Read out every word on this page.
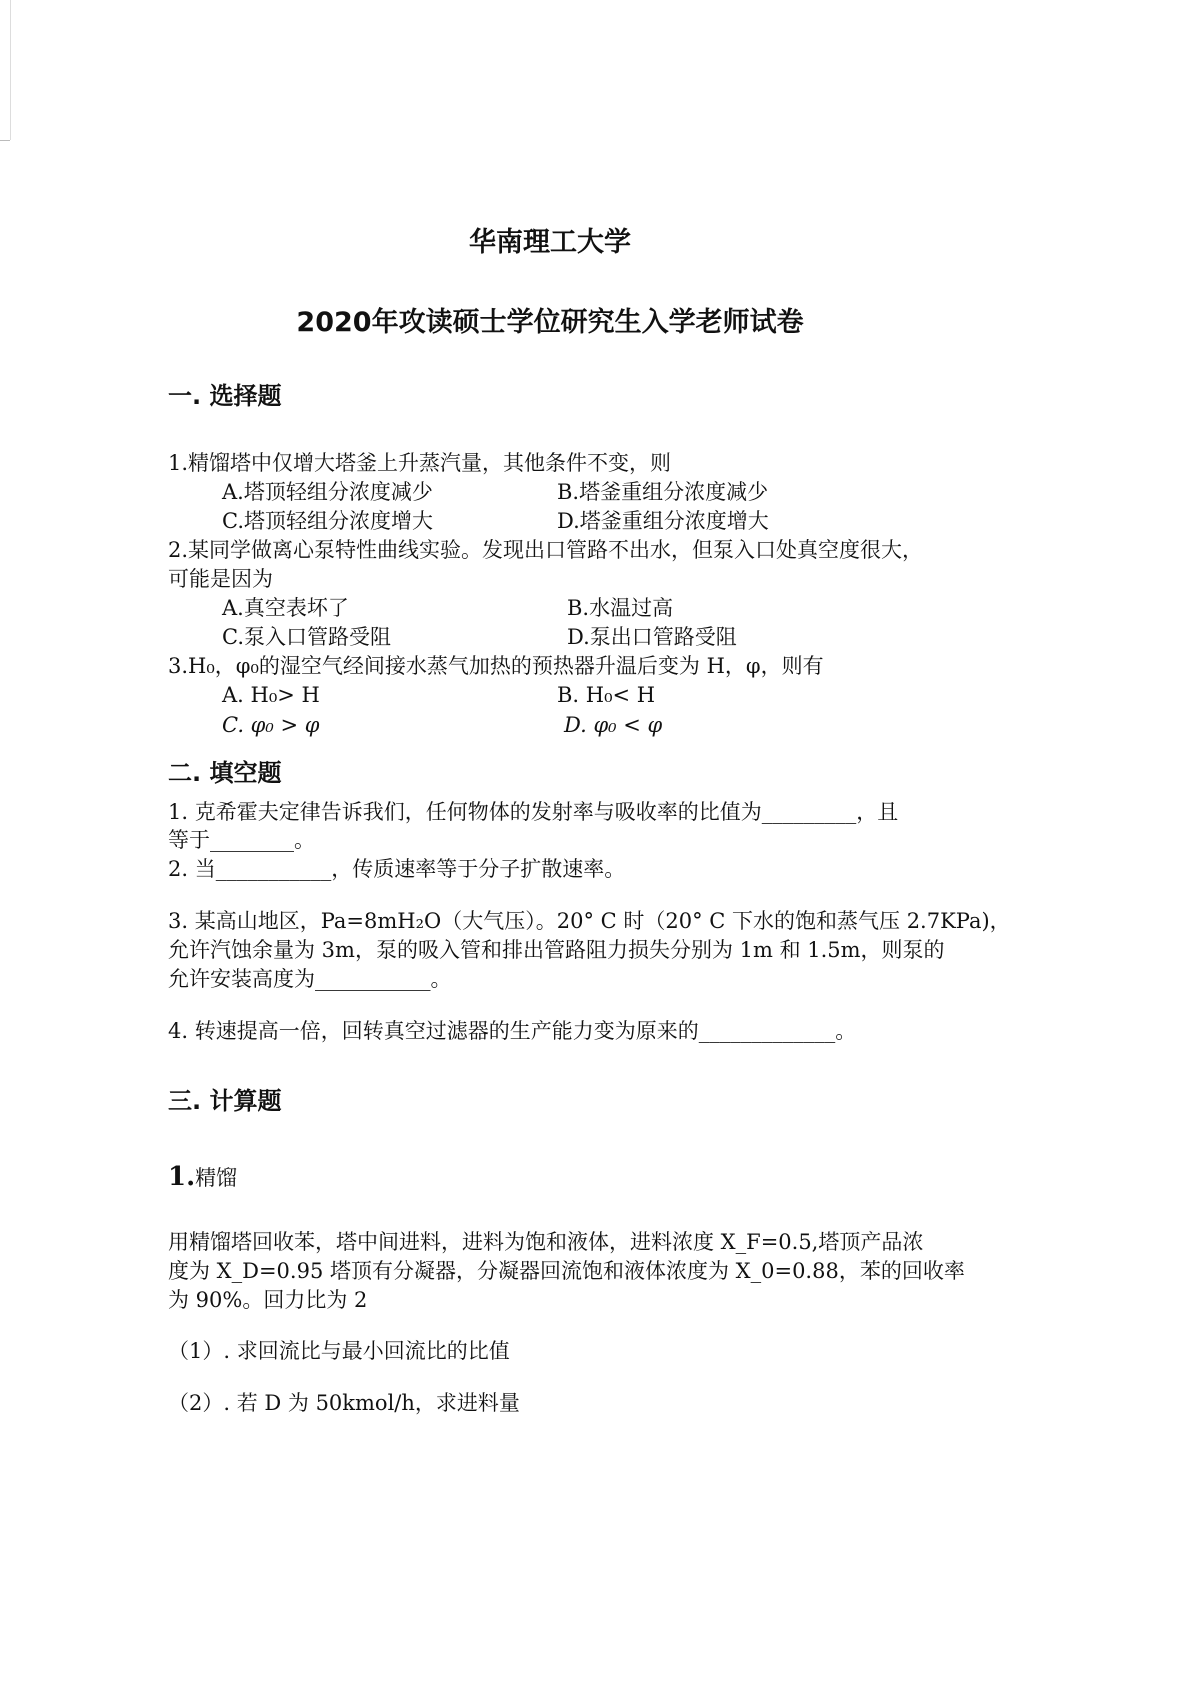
华南理工大学
2020年攻读硕士学位研究生入学老师试卷
一. 选择题
1.精馏塔中仅增大塔釜上升蒸汽量，其他条件不变，则
A.塔顶轻组分浓度减少	B.塔釜重组分浓度减少
C.塔顶轻组分浓度增大	D.塔釜重组分浓度增大
2.某同学做离心泵特性曲线实验。发现出口管路不出水，但泵入口处真空度很大，
可能是因为
A.真空表坏了	B.水温过高
C.泵入口管路受阻	D.泵出口管路受阻
3.H₀，φ₀的湿空气经间接水蒸气加热的预热器升温后变为 H，φ，则有
A. H₀> H	B. H₀< H
C. φ₀ > φ	D. φ₀ < φ
二. 填空题
1. 克希霍夫定律告诉我们，任何物体的发射率与吸收率的比值为_________，且
等于________。
2. 当___________，传质速率等于分子扩散速率。
3. 某高山地区，Pa=8mH₂O（大气压）。20° C 时（20° C 下水的饱和蒸气压 2.7KPa)，
允许汽蚀余量为 3m，泵的吸入管和排出管路阻力损失分别为 1m 和 1.5m，则泵的
允许安装高度为___________。
4. 转速提高一倍，回转真空过滤器的生产能力变为原来的_____________。
三. 计算题
1.精馏
用精馏塔回收苯，塔中间进料，进料为饱和液体，进料浓度 X_F=0.5,塔顶产品浓
度为 X_D=0.95 塔顶有分凝器，分凝器回流饱和液体浓度为 X_0=0.88，苯的回收率
为 90%。回力比为 2
（1）. 求回流比与最小回流比的比值
（2）. 若 D 为 50kmol/h，求进料量
